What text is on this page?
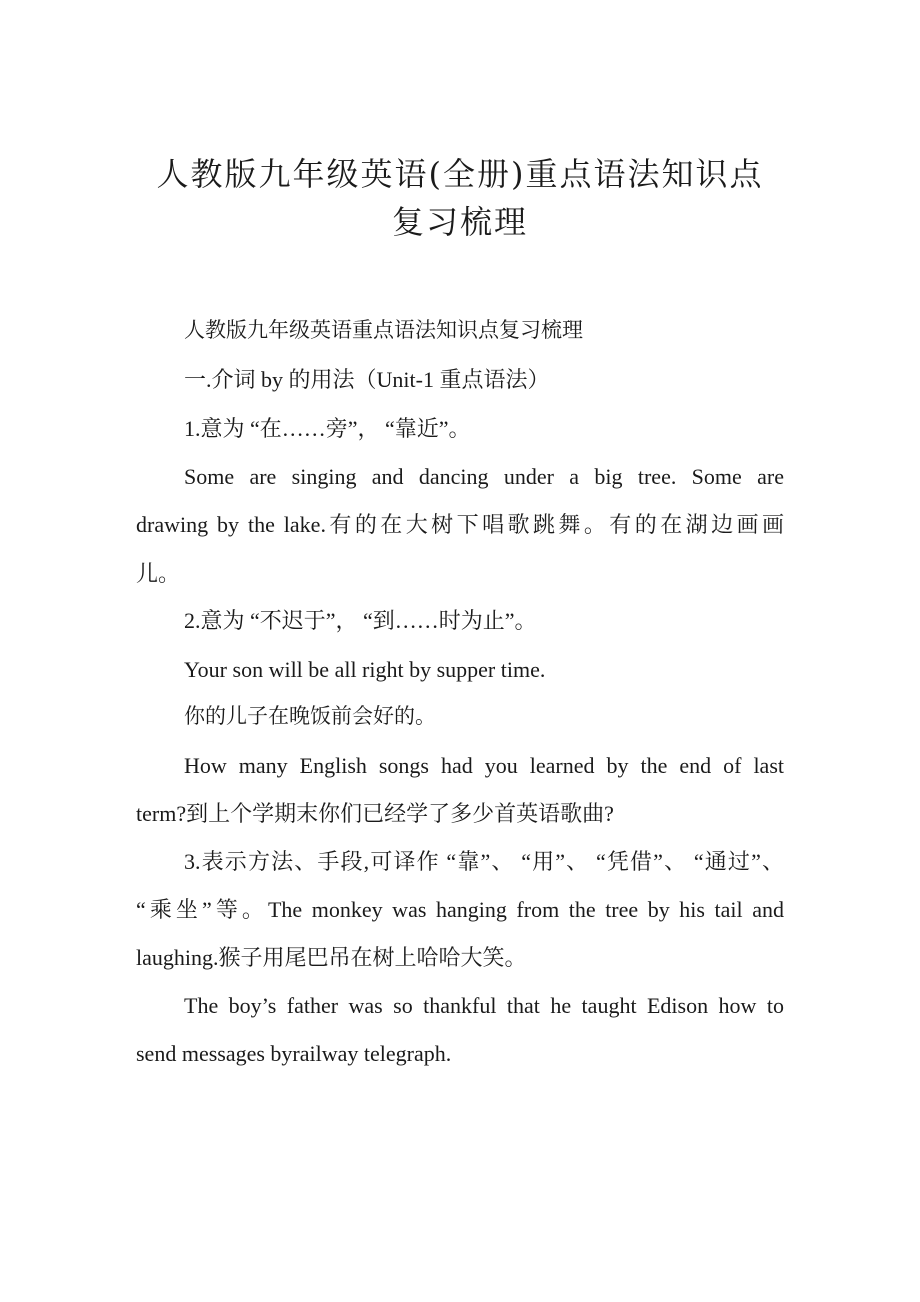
人教版九年级英语(全册)重点语法知识点
复习梳理
人教版九年级英语重点语法知识点复习梳理
一.介词 by 的用法（Unit-1 重点语法）
1.意为 “在……旁”， “靠近”。
Some are singing and dancing under a big tree. Some are
drawing by the lake.有的在大树下唱歌跳舞。有的在湖边画画
儿。
2.意为 “不迟于”， “到……时为止”。
Your son will be all right by supper time.
你的儿子在晚饭前会好的。
How many English songs had you learned by the end of last
term?到上个学期末你们已经学了多少首英语歌曲?
3.表示方法、手段,可译作 “靠”、 “用”、 “凭借”、 “通过”、
“乘坐”等。The monkey was hanging from the tree by his tail and
laughing.猴子用尾巴吊在树上哈哈大笑。
The boy’s father was so thankful that he taught Edison how to
send messages byrailway telegraph.
